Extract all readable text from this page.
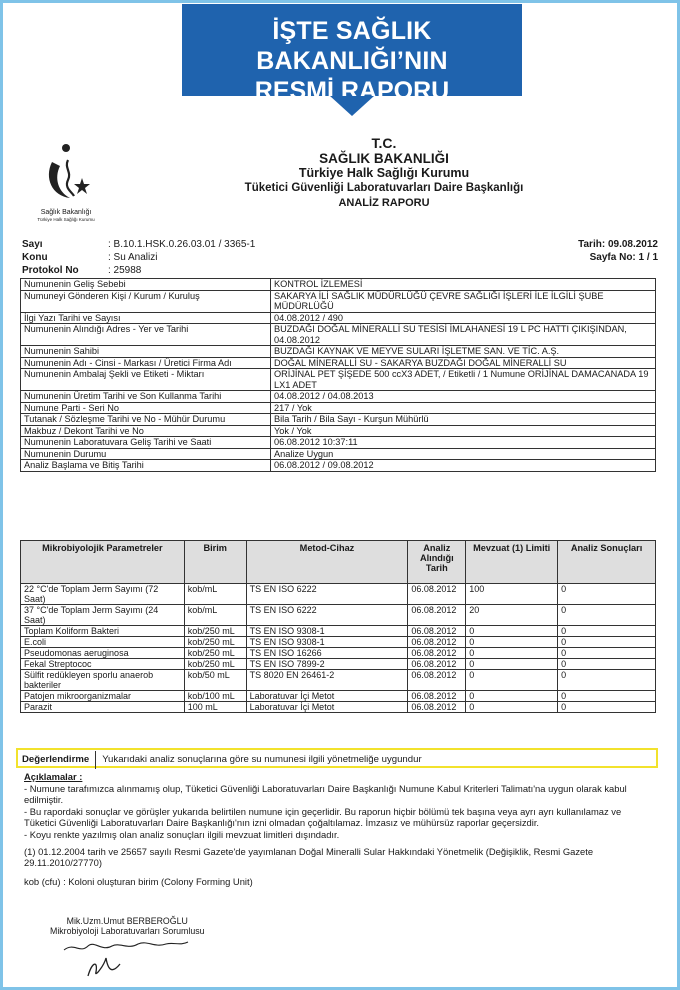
İŞTE SAĞLIK BAKANLIĞI’NIN
RESMİ RAPORU
Sağlık Bakanlığı
Türkiye Halk Sağlığı Kurumu
T.C.
SAĞLIK BAKANLIĞI
Türkiye Halk Sağlığı Kurumu
Tüketici Güvenliği Laboratuvarları Daire Başkanlığı
ANALİZ RAPORU
Sayı	: B.10.1.HSK.0.26.03.01 / 3365-1	Tarih: 09.08.2012
Konu	: Su Analizi	Sayfa No: 1 / 1
Protokol No	: 25988
Numunenin Geliş Sebebi	KONTROL İZLEMESİ
Numuneyi Gönderen Kişi / Kurum / Kuruluş	SAKARYA İLİ SAĞLIK MÜDÜRLÜĞÜ ÇEVRE SAĞLIĞI İŞLERİ İLE İLGİLİ ŞUBE MÜDÜRLÜĞÜ
İlgi Yazı Tarihi ve Sayısı	04.08.2012 / 490
Numunenin Alındığı Adres - Yer ve Tarihi	BUZDAĞI DOĞAL MİNERALLİ SU TESİSİ İMLAHANESİ 19 L PC HATTI ÇIKIŞINDAN, 04.08.2012
Numunenin Sahibi	BUZDAĞI KAYNAK VE MEYVE SULARI İŞLETME SAN. VE TİC. A.Ş.
Numunenin Adı - Cinsi - Markası / Üretici Firma Adı	DOĞAL MİNERALLİ SU - SAKARYA BUZDAĞI DOĞAL MİNERALLİ SU
Numunenin Ambalaj Şekli ve Etiketi - Miktarı	ORİJİNAL PET ŞİŞEDE 500 ccX3 ADET, / Etiketli / 1 Numune ORİJİNAL DAMACANADA 19 LX1 ADET
Numunenin Üretim Tarihi ve Son Kullanma Tarihi	04.08.2012 / 04.08.2013
Numune Parti - Seri No	217 / Yok
Tutanak / Sözleşme Tarihi ve No - Mühür Durumu	Bila Tarih / Bila Sayı - Kurşun Mühürlü
Makbuz / Dekont Tarihi ve No	Yok / Yok
Numunenin Laboratuvara Geliş Tarihi ve Saati	06.08.2012 10:37:11
Numunenin Durumu	Analize Uygun
Analiz Başlama ve Bitiş Tarihi	06.08.2012 / 09.08.2012
Mikrobiyolojik Parametreler	Birim	Metod-Cihaz	Analiz Alındığı Tarih	Mevzuat (1) Limiti	Analiz Sonuçları
22 °C'de Toplam Jerm Sayımı (72 Saat)	kob/mL	TS EN ISO 6222	06.08.2012	100	0
37 °C'de Toplam Jerm Sayımı (24 Saat)	kob/mL	TS EN ISO 6222	06.08.2012	20	0
Toplam Koliform Bakteri	kob/250 mL	TS EN ISO 9308-1	06.08.2012	0	0
E.coli	kob/250 mL	TS EN ISO 9308-1	06.08.2012	0	0
Pseudomonas aeruginosa	kob/250 mL	TS EN ISO 16266	06.08.2012	0	0
Fekal Streptococ	kob/250 mL	TS EN ISO 7899-2	06.08.2012	0	0
Sülfit redükleyen sporlu anaerob bakteriler	kob/50 mL	TS 8020 EN 26461-2	06.08.2012	0	0
Patojen mikroorganizmalar	kob/100 mL	Laboratuvar İçi Metot	06.08.2012	0	0
Parazit	100 mL	Laboratuvar İçi Metot	06.08.2012	0	0
Değerlendirme Yukarıdaki analiz sonuçlarına göre su numunesi ilgili yönetmeliğe uygundur

Açıklamalar :

- Numune tarafımızca alınmamış olup, Tüketici Güvenliği Laboratuvarları Daire Başkanlığı Numune Kabul Kriterleri Talimatı'na uygun olarak kabul edilmiştir.

- Bu rapordaki sonuçlar ve görüşler yukarıda belirtilen numune için geçerlidir. Bu raporun hiçbir bölümü tek başına veya ayrı ayrı kullanılamaz ve Tüketici Güvenliği Laboratuvarları Daire Başkanlığı'nın izni olmadan çoğaltılamaz. İmzasız ve mühürsüz raporlar geçersizdir.

- Koyu renkte yazılmış olan analiz sonuçları ilgili mevzuat limitleri dışındadır.

(1) 01.12.2004 tarih ve 25657 sayılı Resmi Gazete'de yayımlanan Doğal Mineralli Sular Hakkındaki Yönetmelik (Değişiklik, Resmi Gazete 29.11.2010/27770)

kob (cfu) : Koloni oluşturan birim (Colony Forming Unit)

Mik.Uzm.Umut BERBEROĞLU
Mikrobiyoloji Laboratuvarları Sorumlusu
